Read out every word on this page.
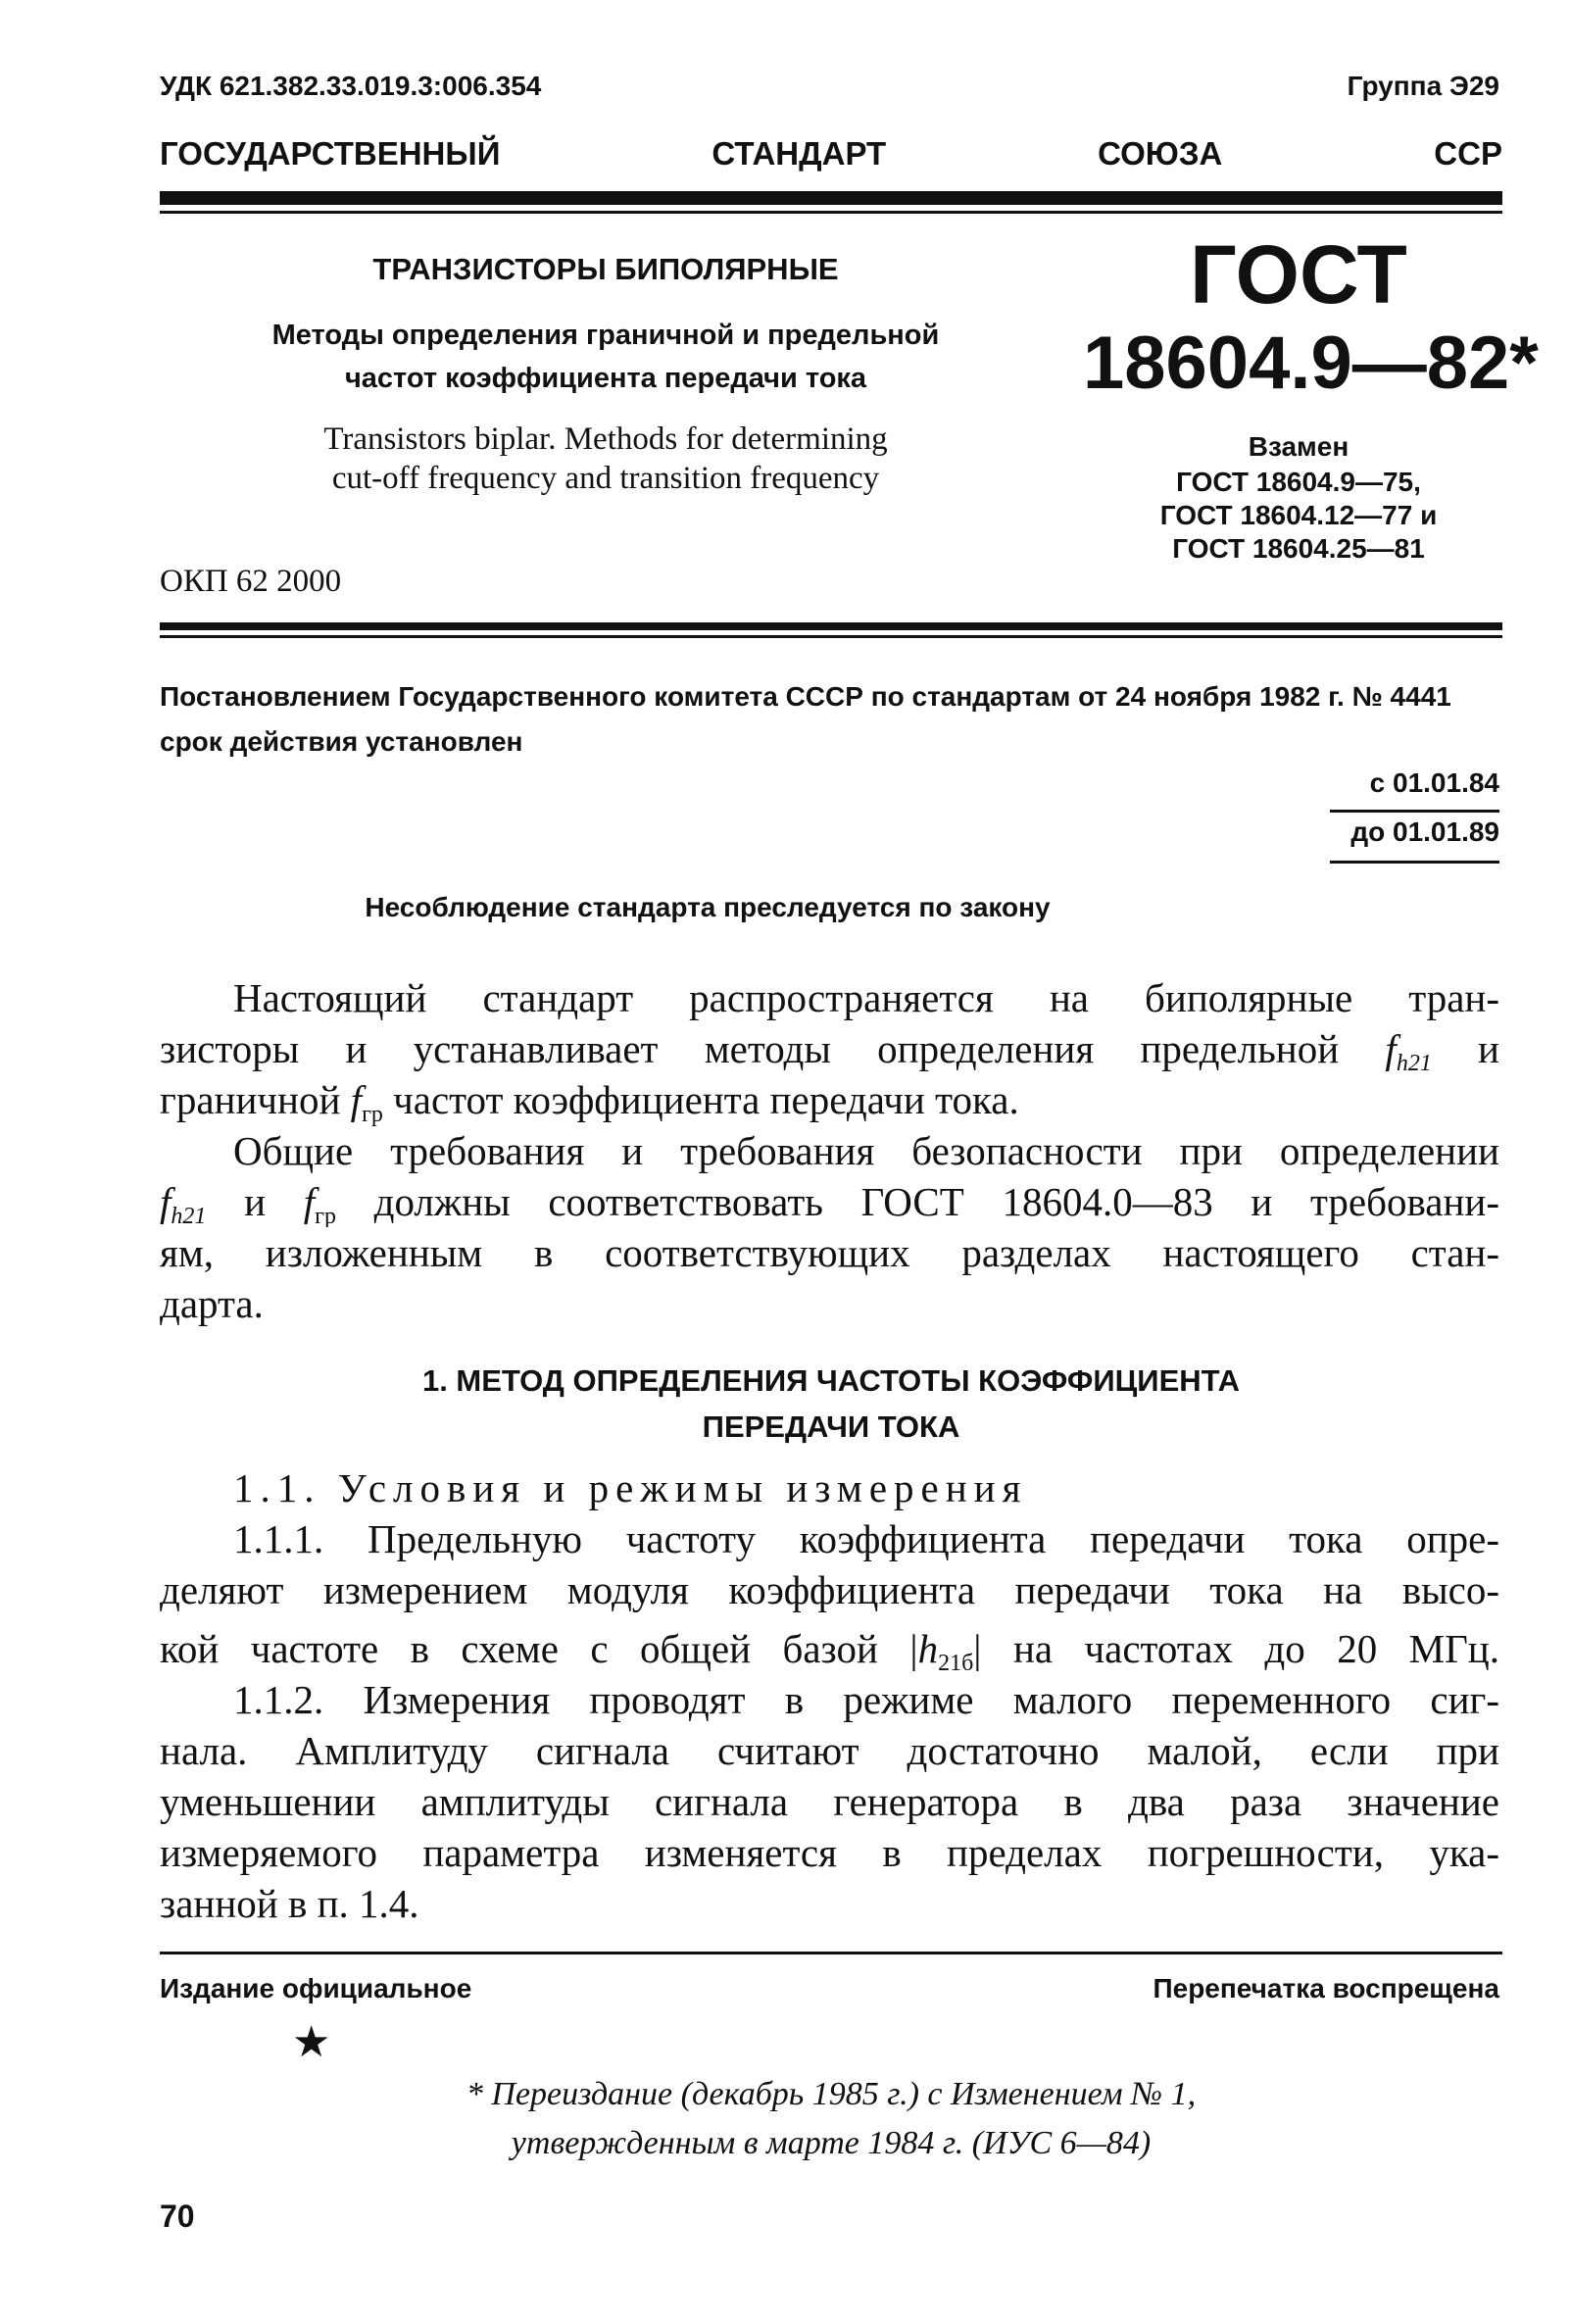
УДК 621.382.33.019.3:006.354	Группа Э29
ГОСУДАРСТВЕННЫЙ	СТАНДАРТ	СОЮЗА	ССР
ТРАНЗИСТОРЫ БИПОЛЯРНЫЕ
Методы определения граничной и предельной
частот коэффициента передачи тока
Transistors biplar. Methods for determining
cut-off frequency and transition frequency
ОКП 62 2000
ГОСТ
18604.9—82*
Взамен
ГОСТ 18604.9—75,
ГОСТ 18604.12—77 и
ГОСТ 18604.25—81
Постановлением Государственного комитета СССР по стандартам от 24 ноября 1982 г. № 4441 срок действия установлен
с 01.01.84
до 01.01.89
Несоблюдение стандарта преследуется по закону
Настоящий стандарт распространяется на биполярные тран-
зисторы и устанавливает методы определения предельной $f_{h21}$ и
граничной $f_{гр}$ частот коэффициента передачи тока.
Общие требования и требования безопасности при определении
$f_{h21}$ и $f_{гр}$ должны соответствовать ГОСТ 18604.0—83 и требовани-
ям, изложенным в соответствующих разделах настоящего стан-
дарта.
1. МЕТОД ОПРЕДЕЛЕНИЯ ЧАСТОТЫ КОЭФФИЦИЕНТА
ПЕРЕДАЧИ ТОКА
1.1. Условия и режимы измерения
1.1.1. Предельную частоту коэффициента передачи тока опре-
деляют измерением модуля коэффициента передачи тока на высо-
кой частоте в схеме с общей базой $|h_{21б}|$ на частотах до 20 МГц.
1.1.2. Измерения проводят в режиме малого переменного сиг-
нала. Амплитуду сигнала считают достаточно малой, если при
уменьшении амплитуды сигнала генератора в два раза значение
измеряемого параметра изменяется в пределах погрешности, ука-
занной в п. 1.4.
Издание официальное	Перепечатка воспрещена
★
* Переиздание (декабрь 1985 г.) с Изменением № 1,
утвержденным в марте 1984 г. (ИУС 6—84)
70
